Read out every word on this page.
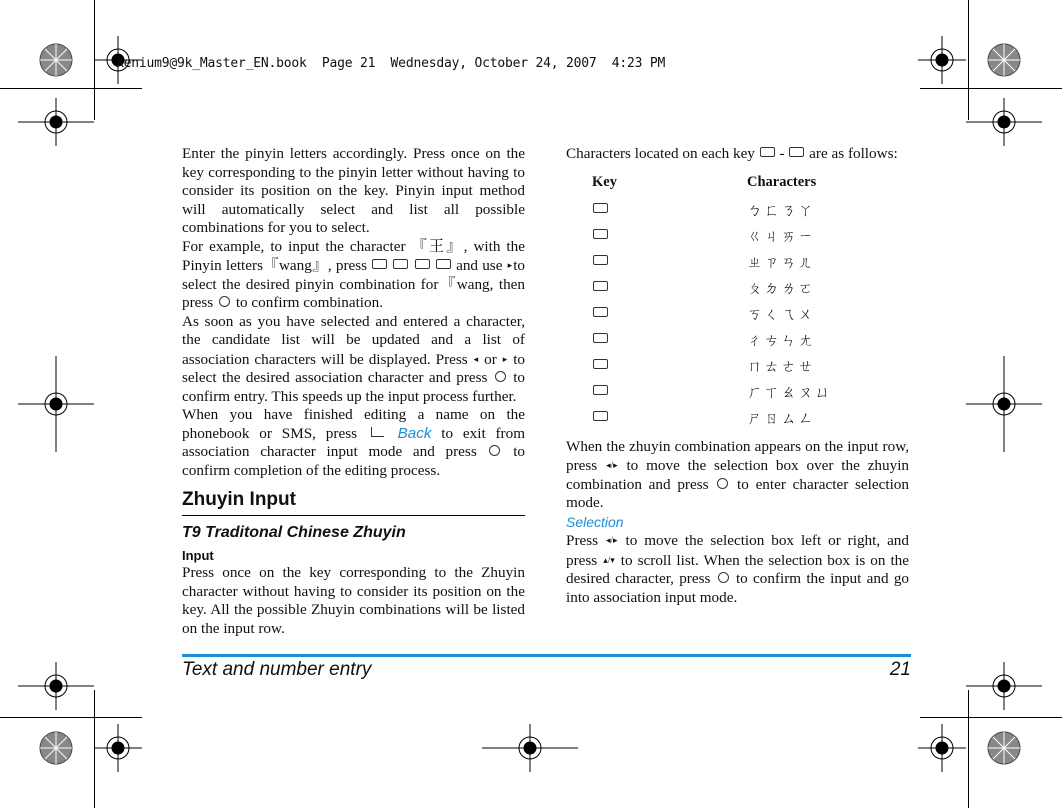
Xenium9@9k_Master_EN.book  Page 21  Wednesday, October 24, 2007  4:23 PM

Enter the pinyin letters accordingly. Press once on the key corresponding to the pinyin letter without having to consider its position on the key. Pinyin input method will automatically select and list all possible combinations for you to select.

For example, to input the character 『王』, with the Pinyin letters『wang』, press	and use ▸to select the desired pinyin combination for『wang, then press to confirm combination.

As soon as you have selected and entered a character, the candidate list will be updated and a list of association characters will be displayed. Press ◂ or ▸ to select the desired association character and press to confirm entry. This speeds up the input process further.

When you have finished editing a name on the phonebook or SMS, press	Back to exit from association character input mode and press to confirm completion of the editing process.

Zhuyin Input
T9 Traditonal Chinese Zhuyin
Input

Press once on the key corresponding to the Zhuyin character without having to consider its position on the key. All the possible Zhuyin combinations will be listed on the input row.

Characters located on each key - are as follows:

Key	Characters
ㄅㄈㄋㄚ
ㄍㄐㄞㄧ
ㄓㄗㄢㄦ
ㄆㄉㄌㄛ
ㄎㄑㄟㄨ
ㄔㄘㄣㄤ
ㄇㄊㄜㄝ
ㄏㄒㄠㄡㄩ
ㄕㄖㄙㄥ

When the zhuyin combination appears on the input row, press ◂/▸ to move the selection box over the zhuyin combination and press to enter character selection mode.

Selection

Press ◂/▸ to move the selection box left or right, and press ▴/▾ to scroll list. When the selection box is on the desired character, press to confirm the input and go into association input mode.

Text and number entry	21
